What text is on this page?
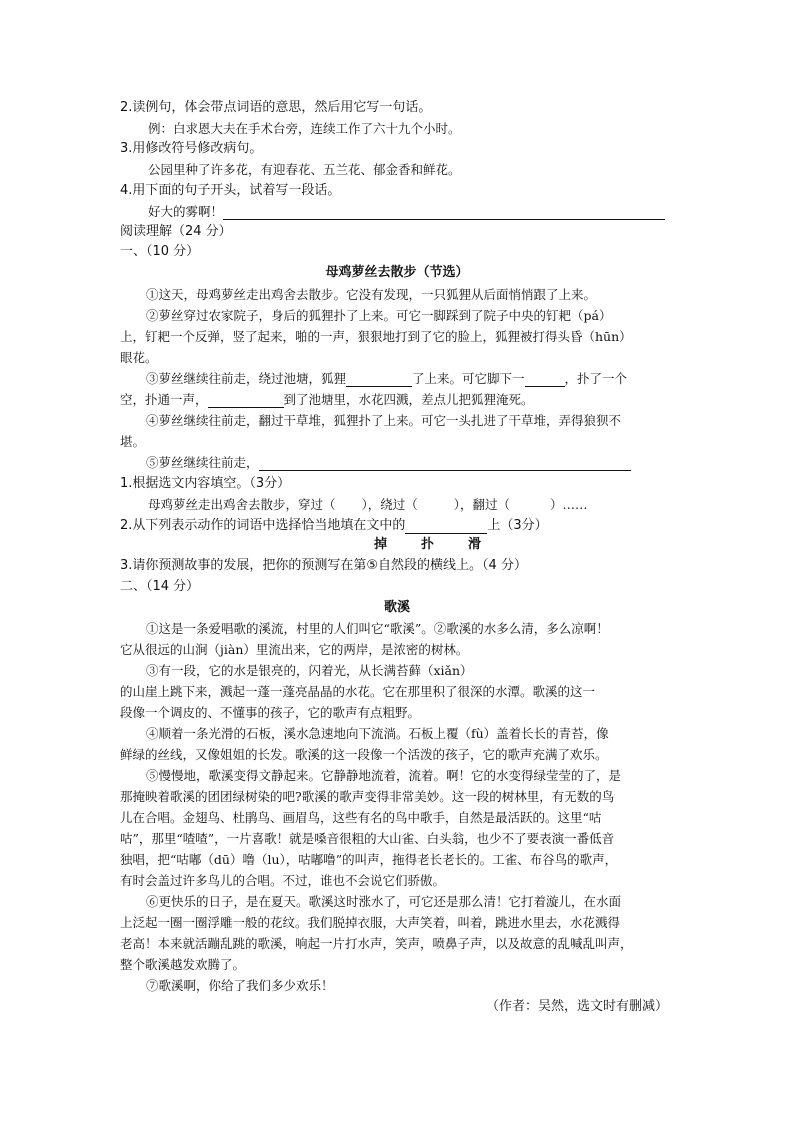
2.读例句，体会带点词语的意思，然后用它写一句话。
例：白求恩大夫在手术台旁，连续工作了六十九个小时。
3.用修改符号修改病句。
公园里种了许多花，有迎春花、五兰花、郁金香和鲜花。
4.用下面的句子开头，试着写一段话。
好大的雾啊！
阅读理解（24 分）
一、（10 分）
母鸡萝丝去散步（节选）
①这天，母鸡萝丝走出鸡舍去散步。它没有发现，一只狐狸从后面悄悄跟了上来。
②萝丝穿过农家院子，身后的狐狸扑了上来。可它一脚踩到了院子中央的钉耙（pá）
上，钉耙一个反弹，竖了起来，啪的一声，狠狠地打到了它的脸上，狐狸被打得头昏（hūn）
眼花。
③萝丝继续往前走，绕过池塘，狐狸	了上来。可它脚下一	，扑了一个
空，扑通一声，	到了池塘里，水花四溅，差点儿把狐狸淹死。
④萝丝继续往前走，翻过干草堆，狐狸扑了上来。可它一头扎进了干草堆，弄得狼狈不
堪。
⑤萝丝继续往前走，
1.根据选文内容填空。（3分）
母鸡萝丝走出鸡舍去散步，穿过（ ），绕过（	），翻过（	）……
2.从下列表示动作的词语中选择恰当地填在文中的	上（3分）
掉	扑	滑
3.请你预测故事的发展，把你的预测写在第⑤自然段的横线上。（4 分）
二、（14 分）
歌溪
①这是一条爱唱歌的溪流，村里的人们叫它“歌溪”。②歌溪的水多么清，多么凉啊！
它从很远的山涧（jiàn）里流出来，它的两岸，是浓密的树林。
③有一段，它的水是银亮的，闪着光，从长满苔藓（xiǎn）
的山崖上跳下来，溅起一蓬一蓬亮晶晶的水花。它在那里积了很深的水潭。歌溪的这一
段像一个调皮的、不懂事的孩子，它的歌声有点粗野。
④顺着一条光滑的石板，溪水急速地向下流淌。石板上覆（fù）盖着长长的青苔，像
鲜绿的丝线，又像姐姐的长发。歌溪的这一段像一个活泼的孩子，它的歌声充满了欢乐。
⑤慢慢地，歌溪变得文静起来。它静静地流着，流着。啊！它的水变得绿莹莹的了，是
那掩映着歌溪的团团绿树染的吧?歌溪的歌声变得非常美妙。这一段的树林里，有无数的鸟
儿在合唱。金翅鸟、杜鹃鸟、画眉鸟，这些有名的鸟中歌手，自然是最活跃的。这里“咕
咕”，那里“喳喳”，一片喜歌！就是嗓音很粗的大山雀、白头翁，也少不了要表演一番低音
独唱，把“咕嘟（dū）噜（lu），咕嘟噜”的叫声，拖得老长老长的。工雀、布谷鸟的歌声，
有时会盖过许多鸟儿的合唱。不过，谁也不会说它们骄傲。
⑥更快乐的日子，是在夏天。歌溪这时涨水了，可它还是那么清！它打着漩儿，在水面
上泛起一圈一圈浮雕一般的花纹。我们脱掉衣服，大声笑着，叫着，跳进水里去，水花溅得
老高！本来就活蹦乱跳的歌溪，响起一片打水声，笑声，喷鼻子声，以及故意的乱喊乱叫声，
整个歌溪越发欢腾了。
⑦歌溪啊，你给了我们多少欢乐！
（作者：吴然，选文时有删减）
